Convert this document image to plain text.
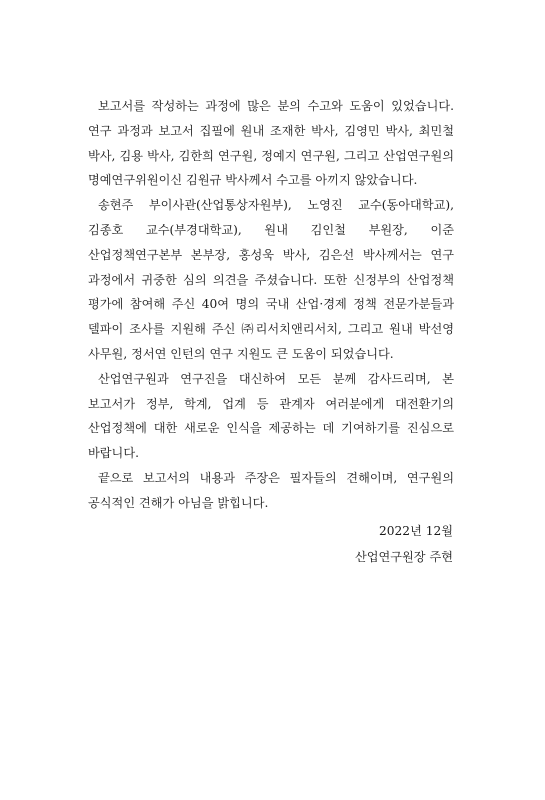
보고서를 작성하는 과정에 많은 분의 수고와 도움이 있었습니다. 연구 과정과 보고서 집필에 원내 조재한 박사, 김영민 박사, 최민철 박사, 김용 박사, 김한희 연구원, 정예지 연구원, 그리고 산업연구원의 명예연구위원이신 김원규 박사께서 수고를 아끼지 않았습니다.

송현주 부이사관(산업통상자원부), 노영진 교수(동아대학교), 김종호 교수(부경대학교), 원내 김인철 부원장, 이준 산업정책연구본부 본부장, 홍성욱 박사, 김은선 박사께서는 연구 과정에서 귀중한 심의 의견을 주셨습니다. 또한 신정부의 산업정책 평가에 참여해 주신 40여 명의 국내 산업·경제 정책 전문가분들과 델파이 조사를 지원해 주신 ㈜리서치앤리서치, 그리고 원내 박선영 사무원, 정서연 인턴의 연구 지원도 큰 도움이 되었습니다.

산업연구원과 연구진을 대신하여 모든 분께 감사드리며, 본 보고서가 정부, 학계, 업계 등 관계자 여러분에게 대전환기의 산업정책에 대한 새로운 인식을 제공하는 데 기여하기를 진심으로 바랍니다.

끝으로 보고서의 내용과 주장은 필자들의 견해이며, 연구원의 공식적인 견해가 아님을 밝힙니다.

2022년 12월
산업연구원장 주현
